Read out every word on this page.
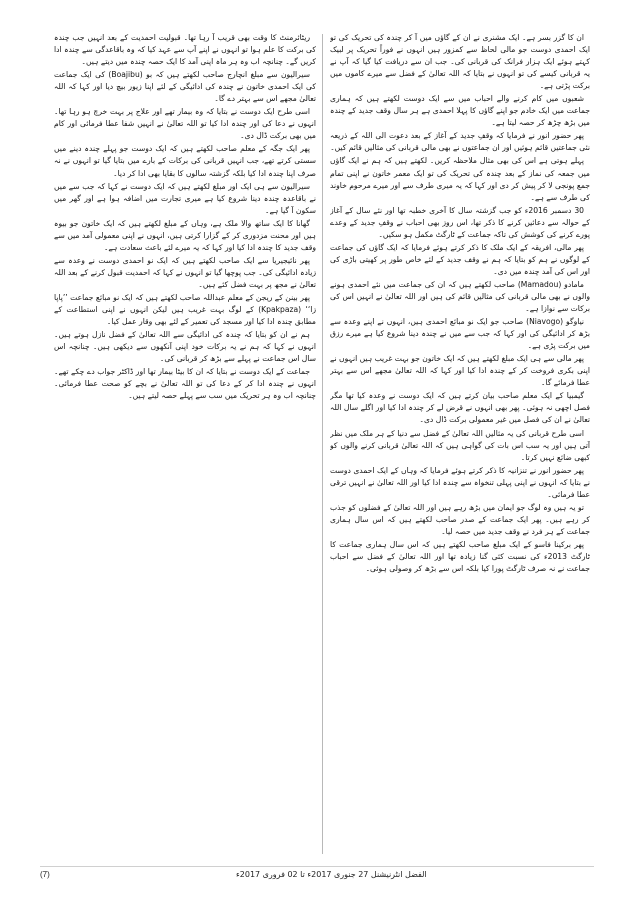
ان کا گزر بسر ہے۔ ایک مشنری نے ان کے گاؤں میں آ کر چندہ کی تحریک کی تو ایک احمدی دوست جو مالی لحاظ سے کمزور ہیں انہوں نے فوراً تحریک پر لبیک کہتے ہوئے ایک ہزار فرانک کی قربانی کی۔ جب ان سے دریافت کیا گیا کہ آپ نے یہ قربانی کیسے کی تو انہوں نے بتایا کہ اللہ تعالیٰ کے فضل سے میرے کاموں میں برکت پڑتی ہے۔

شعبوں میں کام کرنے والے احباب میں سے ایک دوست لکھتے ہیں کہ ہماری جماعت میں ایک خادم جو اپنے گاؤں کا پہلا احمدی ہے ہر سال وقف جدید کے چندہ میں بڑھ چڑھ کر حصہ لیتا ہے۔

پھر حضور انور نے فرمایا کہ وقفِ جدید کے آغاز کے بعد دعوت الی اللہ کے ذریعہ نئی جماعتیں قائم ہوئیں اور ان جماعتوں نے بھی مالی قربانی کی مثالیں قائم کیں۔

پہلے ہوتی ہے اس کی بھی مثال ملاحظہ کریں۔ لکھتے ہیں کہ ہم نے ایک گاؤں میں جمعہ کی نماز کے بعد چندہ کی تحریک کی تو ایک معمر خاتون نے اپنی تمام جمع پونجی لا کر پیش کر دی اور کہا کہ یہ میری طرف سے اور میرے مرحوم خاوند کی طرف سے ہے۔

30 دسمبر 2016ء کو جب گزشتہ سال کا آخری خطبہ تھا اور نئے سال کے آغاز کے حوالہ سے دعائیں کرنے کا ذکر تھا، اس روز بھی احباب نے وقفِ جدید کے وعدے پورے کرنے کی کوشش کی تاکہ جماعت کے ٹارگٹ مکمل ہو سکیں۔

پھر مالی، افریقہ کے ایک ملک کا ذکر کرتے ہوئے فرمایا کہ ایک گاؤں کی جماعت کے لوگوں نے ہم کو بتایا کہ ہم نے وقف جدید کے لئے خاص طور پر کھیتی باڑی کی اور اس کی آمد چندہ میں دی۔

مامادو (Mamadou) صاحب لکھتے ہیں کہ ان کی جماعت میں نئے احمدی ہونے والوں نے بھی مالی قربانی کی مثالیں قائم کی ہیں اور اللہ تعالیٰ نے انہیں اس کی برکات سے نوازا ہے۔

نیاوگو (Niavogo) صاحب جو ایک نو مبائع احمدی ہیں، انہوں نے اپنے وعدہ سے بڑھ کر ادائیگی کی اور کہا کہ جب سے میں نے چندہ دینا شروع کیا ہے میرے رزق میں برکت پڑی ہے۔

پھر مالی سے ہی ایک مبلغ لکھتے ہیں کہ ایک خاتون جو بہت غریب ہیں انہوں نے اپنی بکری فروخت کر کے چندہ ادا کیا اور کہا کہ اللہ تعالیٰ مجھے اس سے بہتر عطا فرمائے گا۔

گیمبیا کے ایک معلم صاحب بیان کرتے ہیں کہ ایک دوست نے وعدہ کیا تھا مگر فصل اچھی نہ ہوئی۔ پھر بھی انہوں نے قرض لے کر چندہ ادا کیا اور اگلے سال اللہ تعالیٰ نے ان کی فصل میں غیر معمولی برکت ڈال دی۔

اسی طرح قربانی کی یہ مثالیں اللہ تعالیٰ کے فضل سے دنیا کے ہر ملک میں نظر آتی ہیں اور یہ سب اس بات کی گواہی ہیں کہ اللہ تعالیٰ قربانی کرنے والوں کو کبھی ضائع نہیں کرتا۔

پھر حضور انور نے تنزانیہ کا ذکر کرتے ہوئے فرمایا کہ وہاں کے ایک احمدی دوست نے بتایا کہ انہوں نے اپنی پہلی تنخواہ سے چندہ ادا کیا اور اللہ تعالیٰ نے انہیں ترقی عطا فرمائی۔

تو یہ ہیں وہ لوگ جو ایمان میں بڑھ رہے ہیں اور اللہ تعالیٰ کے فضلوں کو جذب کر رہے ہیں۔ پھر ایک جماعت کے صدر صاحب لکھتے ہیں کہ اس سال ہماری جماعت کے ہر فرد نے وقف جدید میں حصہ لیا۔

پھر برکینا فاسو کے ایک مبلغ صاحب لکھتے ہیں کہ اس سال ہماری جماعت کا ٹارگٹ 2013ء کی نسبت کئی گنا زیادہ تھا اور اللہ تعالیٰ کے فضل سے احباب جماعت نے نہ صرف ٹارگٹ پورا کیا بلکہ اس سے بڑھ کر وصولی ہوئی۔

ریٹائرمنٹ کا وقت بھی قریب آ رہا تھا۔ قبولیت احمدیت کے بعد انہیں جب چندہ کی برکت کا علم ہوا تو انہوں نے اپنے آپ سے عہد کیا کہ وہ باقاعدگی سے چندہ ادا کریں گے۔ چنانچہ اب وہ ہر ماہ اپنی آمد کا ایک حصہ چندہ میں دیتے ہیں۔

سیرالیون سے مبلغ انچارج صاحب لکھتے ہیں کہ بو (Boajibu) کی ایک جماعت کی ایک احمدی خاتون نے چندہ کی ادائیگی کے لئے اپنا زیور بیچ دیا اور کہا کہ اللہ تعالیٰ مجھے اس سے بہتر دے گا۔

اسی طرح ایک دوست نے بتایا کہ وہ بیمار تھے اور علاج پر بہت خرچ ہو رہا تھا۔ انہوں نے دعا کی اور چندہ ادا کیا تو اللہ تعالیٰ نے انہیں شفا عطا فرمائی اور کام میں بھی برکت ڈال دی۔

پھر ایک جگہ کے معلم صاحب لکھتے ہیں کہ ایک دوست جو پہلے چندہ دینے میں سستی کرتے تھے، جب انہیں قربانی کی برکات کے بارے میں بتایا گیا تو انہوں نے نہ صرف اپنا چندہ ادا کیا بلکہ گزشتہ سالوں کا بقایا بھی ادا کر دیا۔

سیرالیون سے ہی ایک اور مبلغ لکھتے ہیں کہ ایک دوست نے کہا کہ جب سے میں نے باقاعدہ چندہ دینا شروع کیا ہے میری تجارت میں اضافہ ہوا ہے اور گھر میں سکون آ گیا ہے۔

گھانا کا ایک ساتھ والا ملک ہے، وہاں کے مبلغ لکھتے ہیں کہ ایک خاتون جو بیوہ ہیں اور محنت مزدوری کر کے گزارا کرتی ہیں، انہوں نے اپنی معمولی آمد میں سے وقف جدید کا چندہ ادا کیا اور کہا کہ یہ میرے لئے باعث سعادت ہے۔

پھر نائیجیریا سے ایک صاحب لکھتے ہیں کہ ایک نو احمدی دوست نے وعدہ سے زیادہ ادائیگی کی۔ جب پوچھا گیا تو انہوں نے کہا کہ احمدیت قبول کرنے کے بعد اللہ تعالیٰ نے مجھ پر بہت فضل کئے ہیں۔

پھر بینن کے ریجن کے معلم عبداللہ صاحب لکھتے ہیں کہ ایک نو مبائع جماعت ’’پاپا زا‘‘ (Kpakpaza) کے لوگ بہت غریب ہیں لیکن انہوں نے اپنی استطاعت کے مطابق چندہ ادا کیا اور مسجد کی تعمیر کے لئے بھی وقار عمل کیا۔

ہم نے ان کو بتایا کہ چندہ کی ادائیگی سے اللہ تعالیٰ کے فضل نازل ہوتے ہیں۔ انہوں نے کہا کہ ہم نے یہ برکات خود اپنی آنکھوں سے دیکھی ہیں۔ چنانچہ اس سال اس جماعت نے پہلے سے بڑھ کر قربانی کی۔

جماعت کے ایک دوست نے بتایا کہ ان کا بیٹا بیمار تھا اور ڈاکٹر جواب دے چکے تھے۔ انہوں نے چندہ ادا کر کے دعا کی تو اللہ تعالیٰ نے بچے کو صحت عطا فرمائی۔ چنانچہ اب وہ ہر تحریک میں سب سے پہلے حصہ لیتے ہیں۔

(7)	الفضل انٹرنیشنل 27 جنوری 2017ء تا 02 فروری 2017ء
